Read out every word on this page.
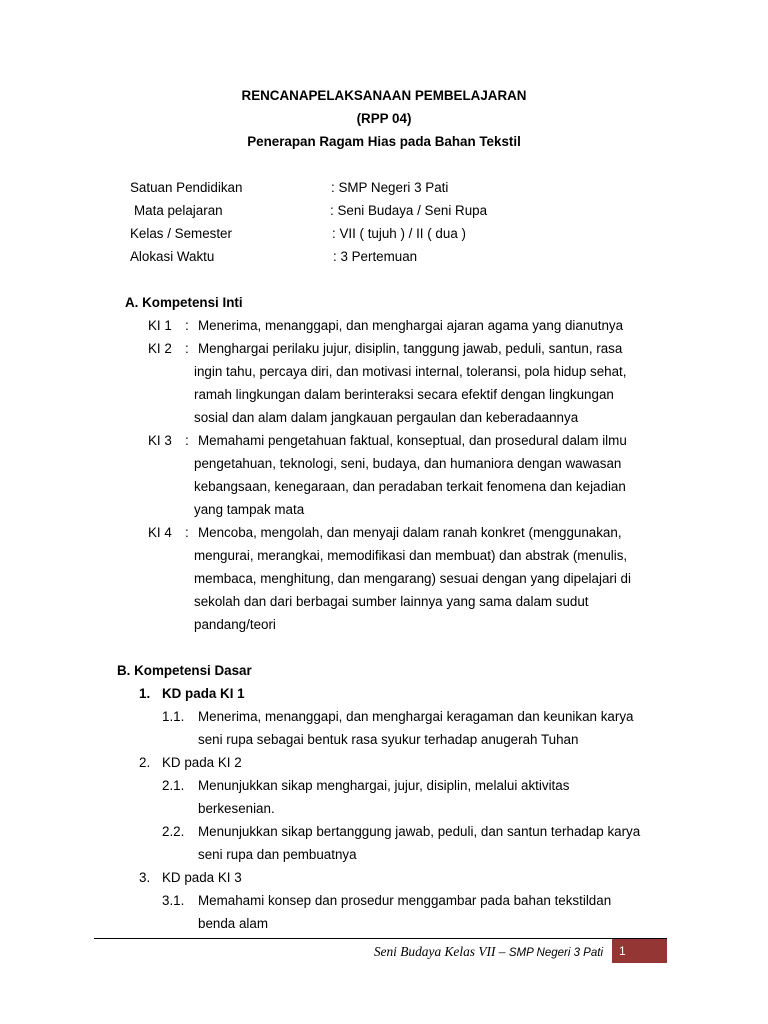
RENCANAPELAKSANAAN PEMBELAJARAN
(RPP 04)
Penerapan Ragam Hias pada Bahan Tekstil
Satuan Pendidikan	: SMP Negeri 3 Pati
Mata pelajaran	: Seni Budaya / Seni Rupa
Kelas / Semester	: VII ( tujuh ) / II ( dua )
Alokasi Waktu	: 3 Pertemuan
A. Kompetensi Inti
KI 1 : Menerima, menanggapi, dan menghargai ajaran agama yang dianutnya
KI 2 : Menghargai perilaku jujur, disiplin, tanggung jawab, peduli, santun, rasa
ingin tahu, percaya diri, dan motivasi internal, toleransi, pola hidup sehat,
ramah lingkungan dalam berinteraksi secara efektif dengan lingkungan
sosial dan alam dalam jangkauan pergaulan dan keberadaannya
KI 3 : Memahami pengetahuan faktual, konseptual, dan prosedural dalam ilmu
pengetahuan, teknologi, seni, budaya, dan humaniora dengan wawasan
kebangsaan, kenegaraan, dan peradaban terkait fenomena dan kejadian
yang tampak mata
KI 4 : Mencoba, mengolah, dan menyaji dalam ranah konkret (menggunakan,
mengurai, merangkai, memodifikasi dan membuat) dan abstrak (menulis,
membaca, menghitung, dan mengarang) sesuai dengan yang dipelajari di
sekolah dan dari berbagai sumber lainnya yang sama dalam sudut
pandang/teori
B. Kompetensi Dasar
1. KD pada KI 1
1.1. Menerima, menanggapi, dan menghargai keragaman dan keunikan karya
seni rupa sebagai bentuk rasa syukur terhadap anugerah Tuhan
2. KD pada KI 2
2.1. Menunjukkan sikap menghargai, jujur, disiplin, melalui aktivitas
berkesenian.
2.2. Menunjukkan sikap bertanggung jawab, peduli, dan santun terhadap karya
seni rupa dan pembuatnya
3. KD pada KI 3
3.1. Memahami konsep dan prosedur menggambar pada bahan tekstildan
benda alam
Seni Budaya Kelas VII – SMP Negeri 3 Pati	1
